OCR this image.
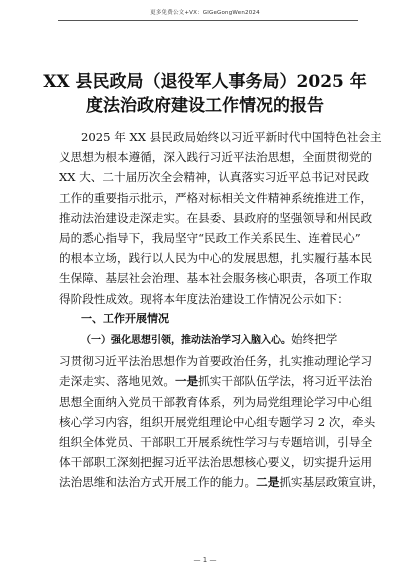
更多免费公文+VX：GlGeGongWen2024
XX 县民政局（退役军人事务局）2025 年
度法治政府建设工作情况的报告
2025 年 XX 县民政局始终以习近平新时代中国特色社会主
义思想为根本遵循，深入践行习近平法治思想，全面贯彻党的
XX 大、二十届历次全会精神，认真落实习近平总书记对民政
工作的重要指示批示，严格对标相关文件精神系统推进工作，
推动法治建设走深走实。在县委、县政府的坚强领导和州民政
局的悉心指导下，我局坚守“民政工作关系民生、连着民心”
的根本立场，践行以人民为中心的发展思想，扎实履行基本民
生保障、基层社会治理、基本社会服务核心职责，各项工作取
得阶段性成效。现将本年度法治建设工作情况公示如下：
一、工作开展情况
（一）强化思想引领，推动法治学习入脑入心。始终把学
习贯彻习近平法治思想作为首要政治任务，扎实推动理论学习
走深走实、落地见效。一是抓实干部队伍学法，将习近平法治
思想全面纳入党员干部教育体系，列为局党组理论学习中心组
核心学习内容，组织开展党组理论中心组专题学习 2 次，牵头
组织全体党员、干部职工开展系统性学习与专题培训，引导全
体干部职工深刻把握习近平法治思想核心要义，切实提升运用
法治思维和法治方式开展工作的能力。二是抓实基层政策宣讲，
— 1 —
